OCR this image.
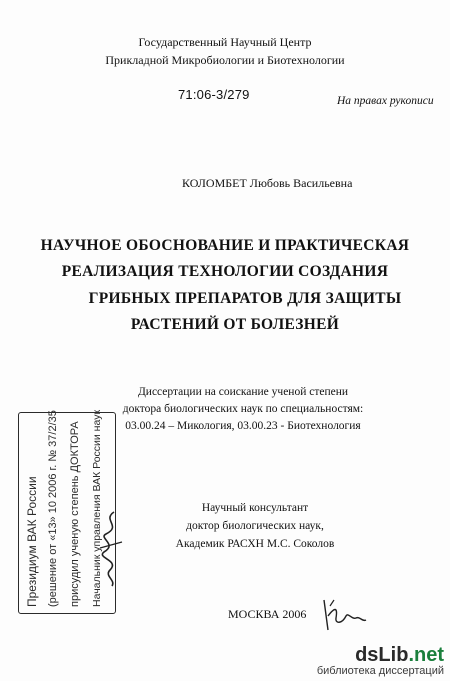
Государственный Научный Центр
Прикладной Микробиологии и Биотехнологии
71:06-3/279	На правах рукописи
КОЛОМБЕТ Любовь Васильевна
НАУЧНОЕ ОБОСНОВАНИЕ И ПРАКТИЧЕСКАЯ
РЕАЛИЗАЦИЯ ТЕХНОЛОГИИ СОЗДАНИЯ
ГРИБНЫХ ПРЕПАРАТОВ ДЛЯ ЗАЩИТЫ
РАСТЕНИЙ ОТ БОЛЕЗНЕЙ
Диссертации на соискание ученой степени
доктора биологических наук по специальностям:
03.00.24 – Микология, 03.00.23 - Биотехнология
Научный консультант
доктор биологических наук,
Академик РАСХН М.С. Соколов
МОСКВА 2006
Президиум ВАК России (решение от «13» 10 2006 г. № 37/2/35 присудил ученую степень ДОКТОРА Начальник управления ВАК России наук
dsLib.net
библиотека диссертаций
